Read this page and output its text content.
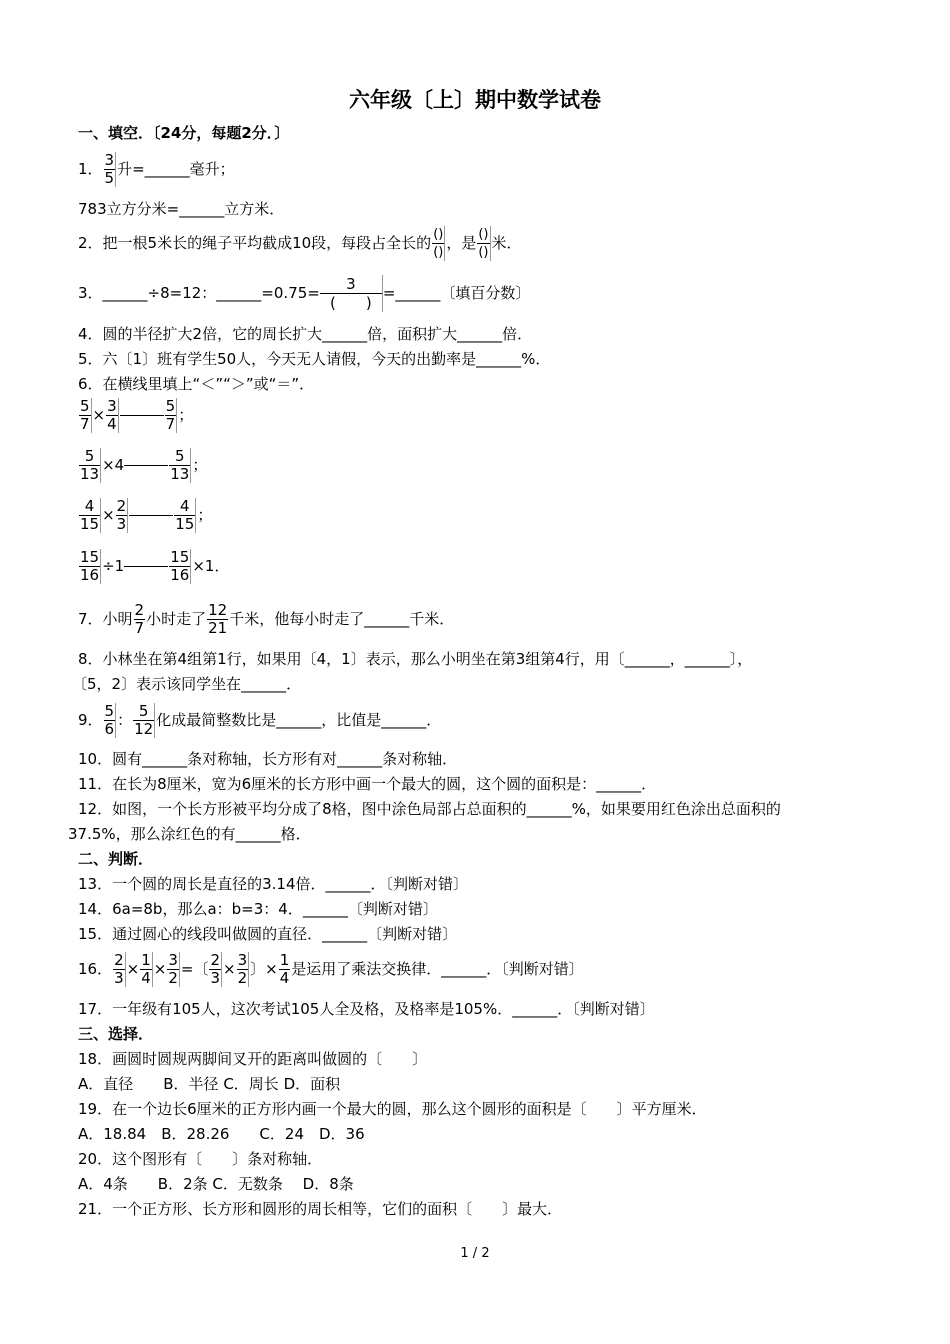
六年级〔上〕期中数学试卷
一、填空．〔24分，每题2分．〕
1． $\frac{3}{5}$ 升=______毫升；
783立方分米=______立方米．
2．把一根5米长的绳子平均截成10段，每段占全长的 ()
()
，是 ()
()
米．
3．______÷8=12：______=0.75=	3
(　　)
=______〔填百分数〕
4．圆的半径扩大2倍，它的周长扩大______倍，面积扩大______倍．
5．六〔1〕班有学生50人，今天无人请假，今天的出勤率是______%．
6．在横线里填上“＜”“＞”或“＝”．
$\frac{5}{7} \times \frac{3}{4}$	$\frac{5}{7}$ ；
$\frac{5}{13} \times 4$	$\frac{5}{13}$ ；
$\frac{4}{15} \times \frac{2}{3}$	$\frac{4}{15}$ ；
$\frac{15}{16} \div 1$	$\frac{15}{16} \times 1$．
7．小明 $\frac{2}{7}$ 小时走了 $\frac{12}{21}$ 千米，他每小时走了______千米．
8．小林坐在第4组第1行，如果用〔4，1〕表示，那么小明坐在第3组第4行，用〔______，______〕，
〔5，2〕表示该同学坐在______．
9． $\frac{5}{6}$ ： $\frac{5}{12}$ 化成最简整数比是______，比值是______．
10．圆有______条对称轴，长方形有对______条对称轴．
11．在长为8厘米，宽为6厘米的长方形中画一个最大的圆，这个圆的面积是：______．
12．如图，一个长方形被平均分成了8格，图中涂色局部占总面积的______%，如果要用红色涂出总面积的
37.5%，那么涂红色的有______格．
二、判断．
13．一个圆的周长是直径的3.14倍．______．〔判断对错〕
14．6a=8b，那么a：b=3：4．______〔判断对错〕
15．通过圆心的线段叫做圆的直径．______〔判断对错〕
16． $\frac{2}{3} \times \frac{1}{4} \times \frac{3}{2}$ =〔 $\frac{2}{3} \times \frac{3}{2}$ 〕× $\frac{1}{4}$ 是运用了乘法交换律．______．〔判断对错〕
17．一年级有105人，这次考试105人全及格，及格率是105%．______．〔判断对错〕
三、选择．
18．画圆时圆规两脚间叉开的距离叫做圆的〔　　〕
A．直径　　B．半径 C．周长 D．面积
19．在一个边长6厘米的正方形内画一个最大的圆，那么这个圆形的面积是〔　　〕平方厘米．
A．18.84　B．28.26　　C．24　D．36
20．这个图形有〔　　〕条对称轴．
A．4条　　B．2条 C．无数条　 D．8条
21．一个正方形、长方形和圆形的周长相等，它们的面积〔　　〕最大．
1 / 2
